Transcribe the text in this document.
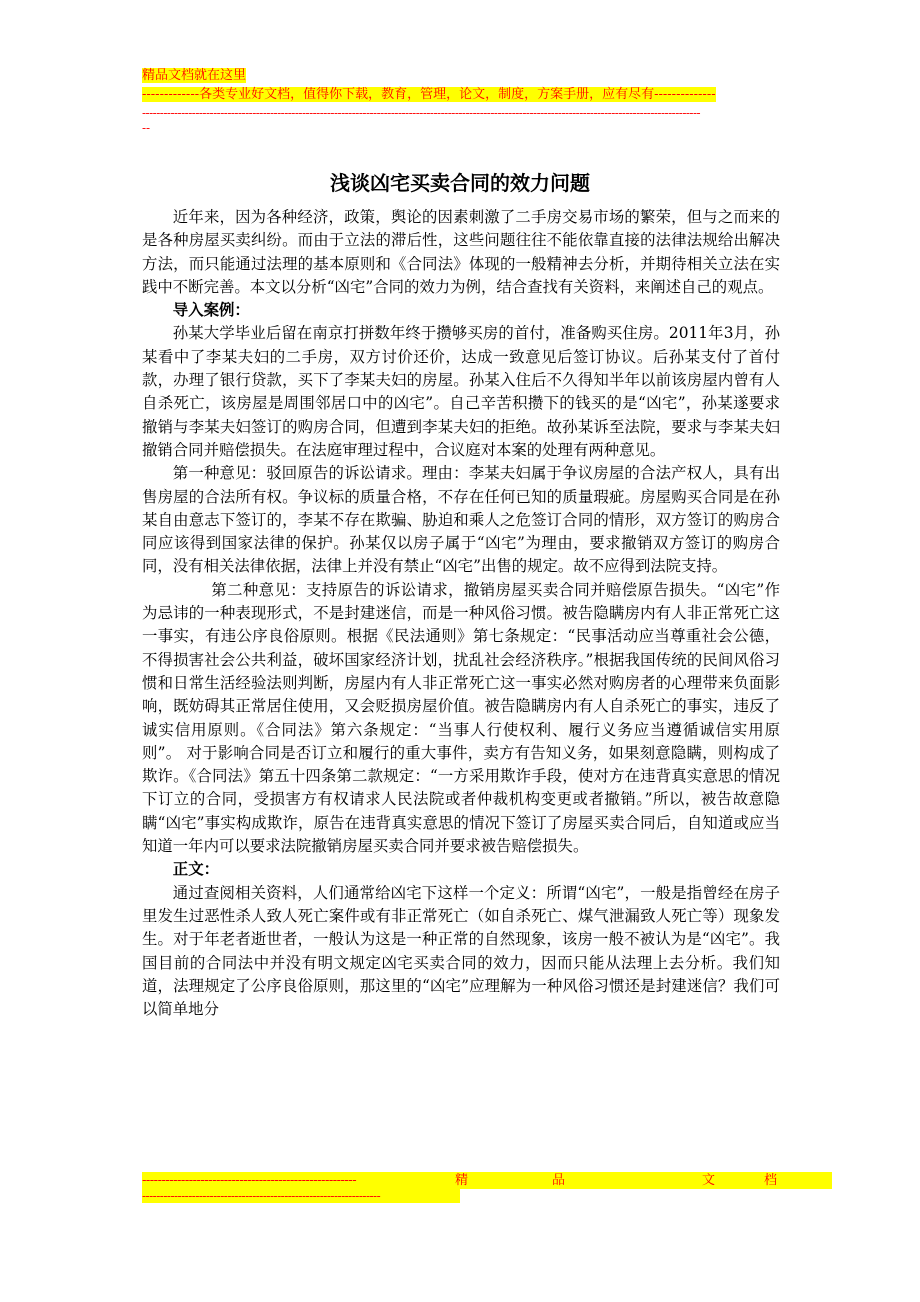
精品文档就在这里
-------------各类专业好文档，值得你下载，教育，管理，论文，制度，方案手册，应有尽有--------------
-------------------------------------------------------------------------------------------------------------------------------------------------------------
--
浅谈凶宅买卖合同的效力问题

近年来，因为各种经济，政策，舆论的因素刺激了二手房交易市场的繁荣，但与之而来的是各种房屋买卖纠纷。而由于立法的滞后性，这些问题往往不能依靠直接的法律法规给出解决方法，而只能通过法理的基本原则和《合同法》体现的一般精神去分析，并期待相关立法在实践中不断完善。本文以分析“凶宅”合同的效力为例，结合查找有关资料，来阐述自己的观点。

导入案例：

孙某大学毕业后留在南京打拼数年终于攒够买房的首付，准备购买住房。2011年3月，孙某看中了李某夫妇的二手房，双方讨价还价，达成一致意见后签订协议。后孙某支付了首付款，办理了银行贷款，买下了李某夫妇的房屋。孙某入住后不久得知半年以前该房屋内曾有人自杀死亡，该房屋是周围邻居口中的凶宅”。自己辛苦积攒下的钱买的是“凶宅”，孙某遂要求撤销与李某夫妇签订的购房合同，但遭到李某夫妇的拒绝。故孙某诉至法院，要求与李某夫妇撤销合同并赔偿损失。在法庭审理过程中，合议庭对本案的处理有两种意见。

第一种意见：驳回原告的诉讼请求。理由：李某夫妇属于争议房屋的合法产权人，具有出售房屋的合法所有权。争议标的质量合格，不存在任何已知的质量瑕疵。房屋购买合同是在孙某自由意志下签订的，李某不存在欺骗、胁迫和乘人之危签订合同的情形，双方签订的购房合同应该得到国家法律的保护。孙某仅以房子属于“凶宅”为理由，要求撤销双方签订的购房合同，没有相关法律依据，法律上并没有禁止“凶宅”出售的规定。故不应得到法院支持。

第二种意见：支持原告的诉讼请求，撤销房屋买卖合同并赔偿原告损失。“凶宅”作为忌讳的一种表现形式，不是封建迷信，而是一种风俗习惯。被告隐瞒房内有人非正常死亡这一事实，有违公序良俗原则。根据《民法通则》第七条规定：“民事活动应当尊重社会公德，不得损害社会公共利益，破坏国家经济计划，扰乱社会经济秩序。”根据我国传统的民间风俗习惯和日常生活经验法则判断，房屋内有人非正常死亡这一事实必然对购房者的心理带来负面影响，既妨碍其正常居住使用，又会贬损房屋价值。被告隐瞒房内有人自杀死亡的事实，违反了诚实信用原则。《合同法》第六条规定：“当事人行使权利、履行义务应当遵循诚信实用原则”。 对于影响合同是否订立和履行的重大事件，卖方有告知义务，如果刻意隐瞒，则构成了欺诈。《合同法》第五十四条第二款规定：“一方采用欺诈手段，使对方在违背真实意思的情况下订立的合同，受损害方有权请求人民法院或者仲裁机构变更或者撤销。”所以，被告故意隐瞒“凶宅”事实构成欺诈，原告在违背真实意思的情况下签订了房屋买卖合同后，自知道或应当知道一年内可以要求法院撤销房屋买卖合同并要求被告赔偿损失。

正文：

通过查阅相关资料，人们通常给凶宅下这样一个定义：所谓“凶宅”，一般是指曾经在房子里发生过恶性杀人致人死亡案件或有非正常死亡（如自杀死亡、煤气泄漏致人死亡等）现象发生。对于年老者逝世者，一般认为这是一种正常的自然现象，该房一般不被认为是“凶宅”。我国目前的合同法中并没有明文规定凶宅买卖合同的效力，因而只能从法理上去分析。我们知道，法理规定了公序良俗原则，那这里的“凶宅”应理解为一种风俗习惯还是封建迷信？我们可以简单地分

-------------------------------------------------------	精	品	文	档
-------------------------------------------------------------------
